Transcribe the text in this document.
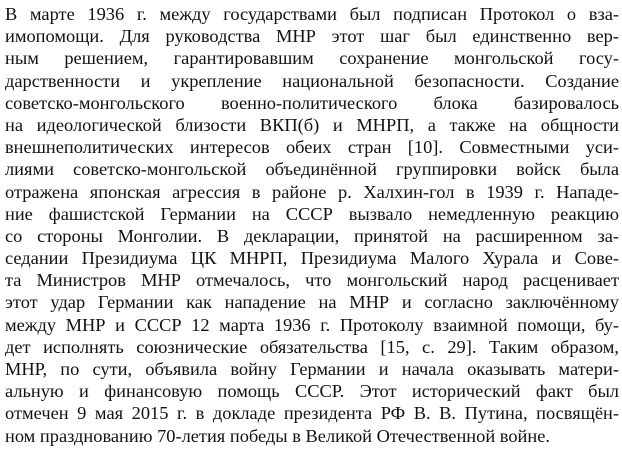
В марте 1936 г. между государствами был подписан Протокол о вза-
имопомощи. Для руководства МНР этот шаг был единственно вер-
ным решением, гарантировавшим сохранение монгольской госу-
дарственности и укрепление национальной безопасности. Создание
советско-монгольского военно-политического блока базировалось
на идеологической близости ВКП(б) и МНРП, а также на общности
внешнеполитических интересов обеих стран [10]. Совместными уси-
лиями советско-монгольской объединённой группировки войск была
отражена японская агрессия в районе р. Халхин-гол в 1939 г. Нападе-
ние фашистской Германии на СССР вызвало немедленную реакцию
со стороны Монголии. В декларации, принятой на расширенном за-
седании Президиума ЦК МНРП, Президиума Малого Хурала и Сове-
та Министров МНР отмечалось, что монгольский народ расценивает
этот удар Германии как нападение на МНР и согласно заключённому
между МНР и СССР 12 марта 1936 г. Протоколу взаимной помощи, бу-
дет исполнять союзнические обязательства [15, с. 29]. Таким образом,
МНР, по сути, объявила войну Германии и начала оказывать матери-
альную и финансовую помощь СССР. Этот исторический факт был
отмечен 9 мая 2015 г. в докладе президента РФ В. В. Путина, посвящён-
ном празднованию 70-летия победы в Великой Отечественной войне.
